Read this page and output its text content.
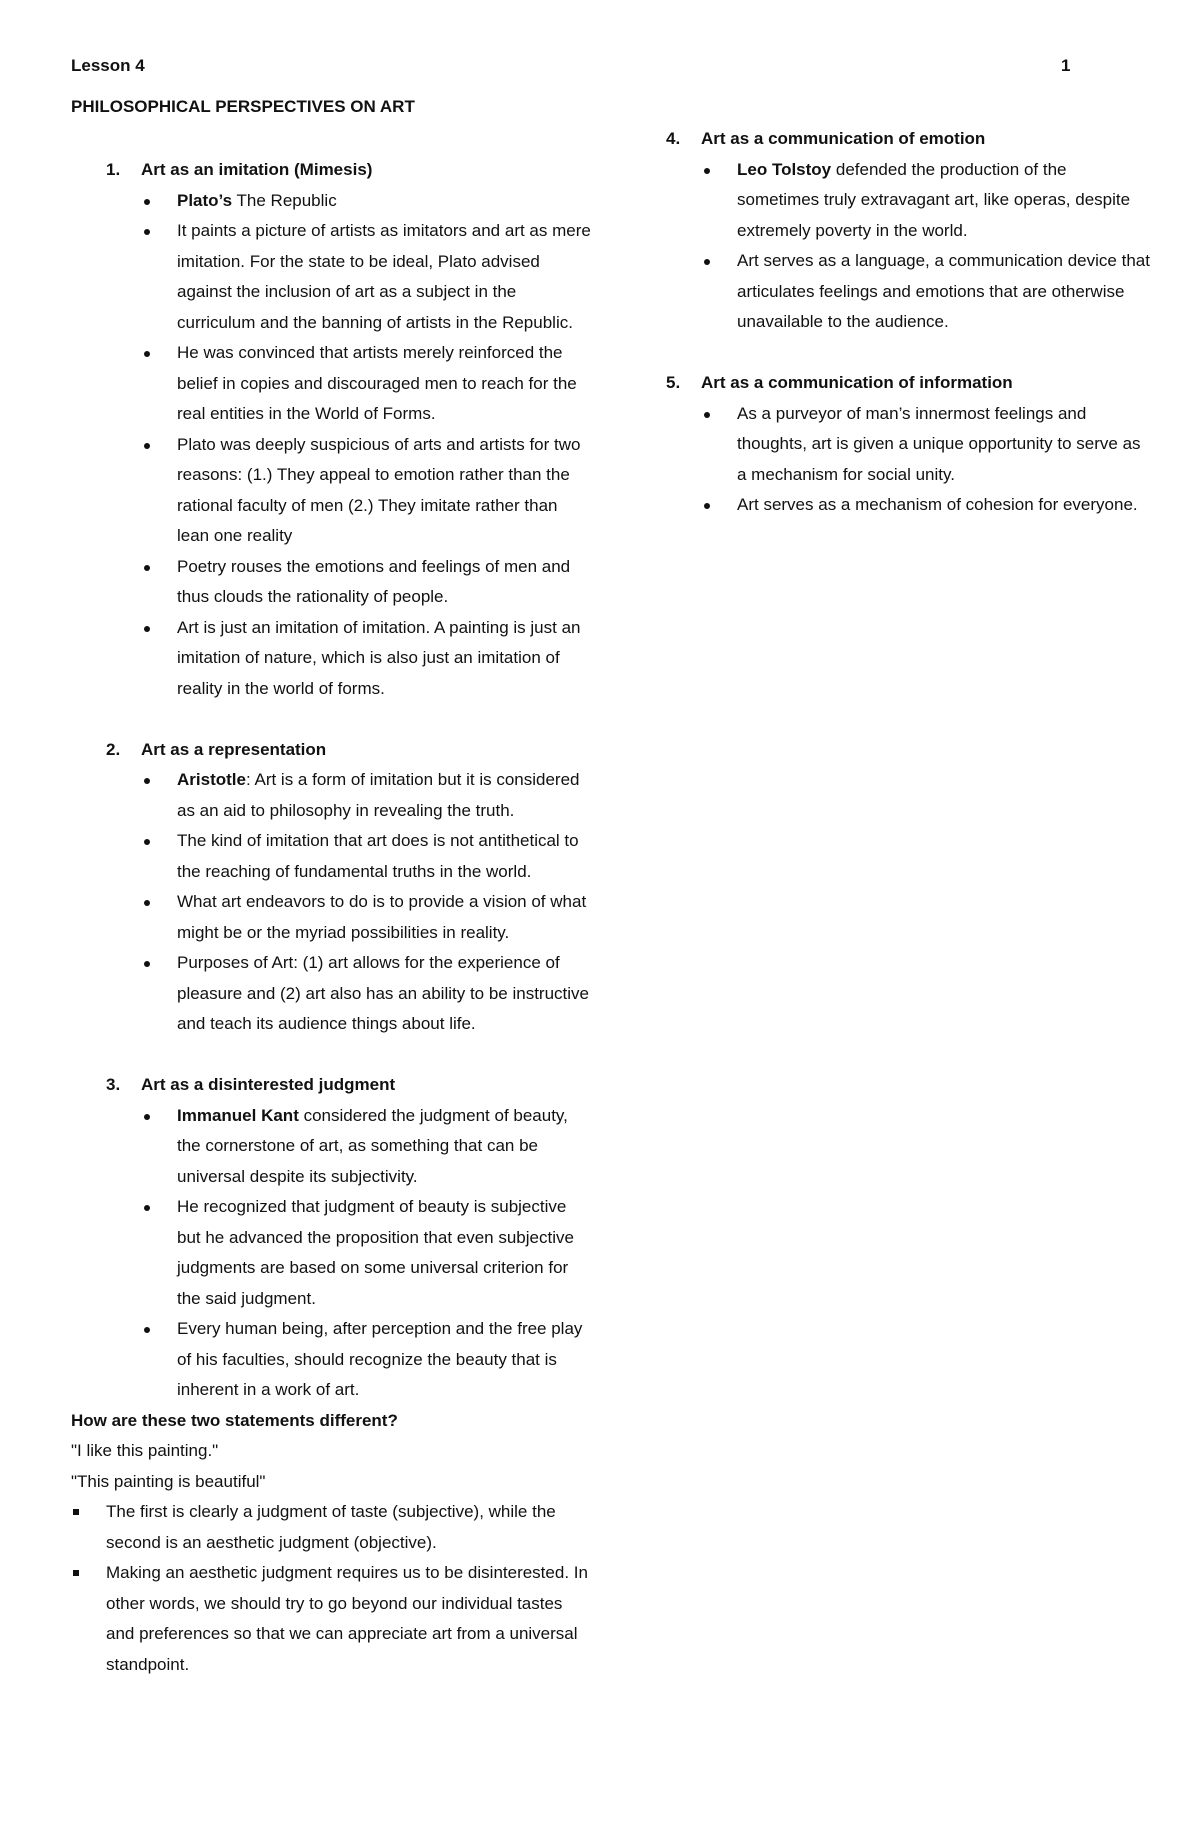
Lesson 4	1
PHILOSOPHICAL PERSPECTIVES ON ART
1. Art as an imitation (Mimesis)
Plato’s The Republic
It paints a picture of artists as imitators and art as mere imitation. For the state to be ideal, Plato advised against the inclusion of art as a subject in the curriculum and the banning of artists in the Republic.
He was convinced that artists merely reinforced the belief in copies and discouraged men to reach for the real entities in the World of Forms.
Plato was deeply suspicious of arts and artists for two reasons: (1.) They appeal to emotion rather than the rational faculty of men (2.) They imitate rather than lean one reality
Poetry rouses the emotions and feelings of men and thus clouds the rationality of people.
Art is just an imitation of imitation. A painting is just an imitation of nature, which is also just an imitation of reality in the world of forms.
2. Art as a representation
Aristotle: Art is a form of imitation but it is considered as an aid to philosophy in revealing the truth.
The kind of imitation that art does is not antithetical to the reaching of fundamental truths in the world.
What art endeavors to do is to provide a vision of what might be or the myriad possibilities in reality.
Purposes of Art: (1) art allows for the experience of pleasure and (2) art also has an ability to be instructive and teach its audience things about life.
3. Art as a disinterested judgment
Immanuel Kant considered the judgment of beauty, the cornerstone of art, as something that can be universal despite its subjectivity.
He recognized that judgment of beauty is subjective but he advanced the proposition that even subjective judgments are based on some universal criterion for the said judgment.
Every human being, after perception and the free play of his faculties, should recognize the beauty that is inherent in a work of art.
How are these two statements different?
"I like this painting."
"This painting is beautiful"
The first is clearly a judgment of taste (subjective), while the second is an aesthetic judgment (objective).
Making an aesthetic judgment requires us to be disinterested. In other words, we should try to go beyond our individual tastes and preferences so that we can appreciate art from a universal standpoint.
4. Art as a communication of emotion
Leo Tolstoy defended the production of the sometimes truly extravagant art, like operas, despite extremely poverty in the world.
Art serves as a language, a communication device that articulates feelings and emotions that are otherwise unavailable to the audience.
5. Art as a communication of information
As a purveyor of man’s innermost feelings and thoughts, art is given a unique opportunity to serve as a mechanism for social unity.
Art serves as a mechanism of cohesion for everyone.
